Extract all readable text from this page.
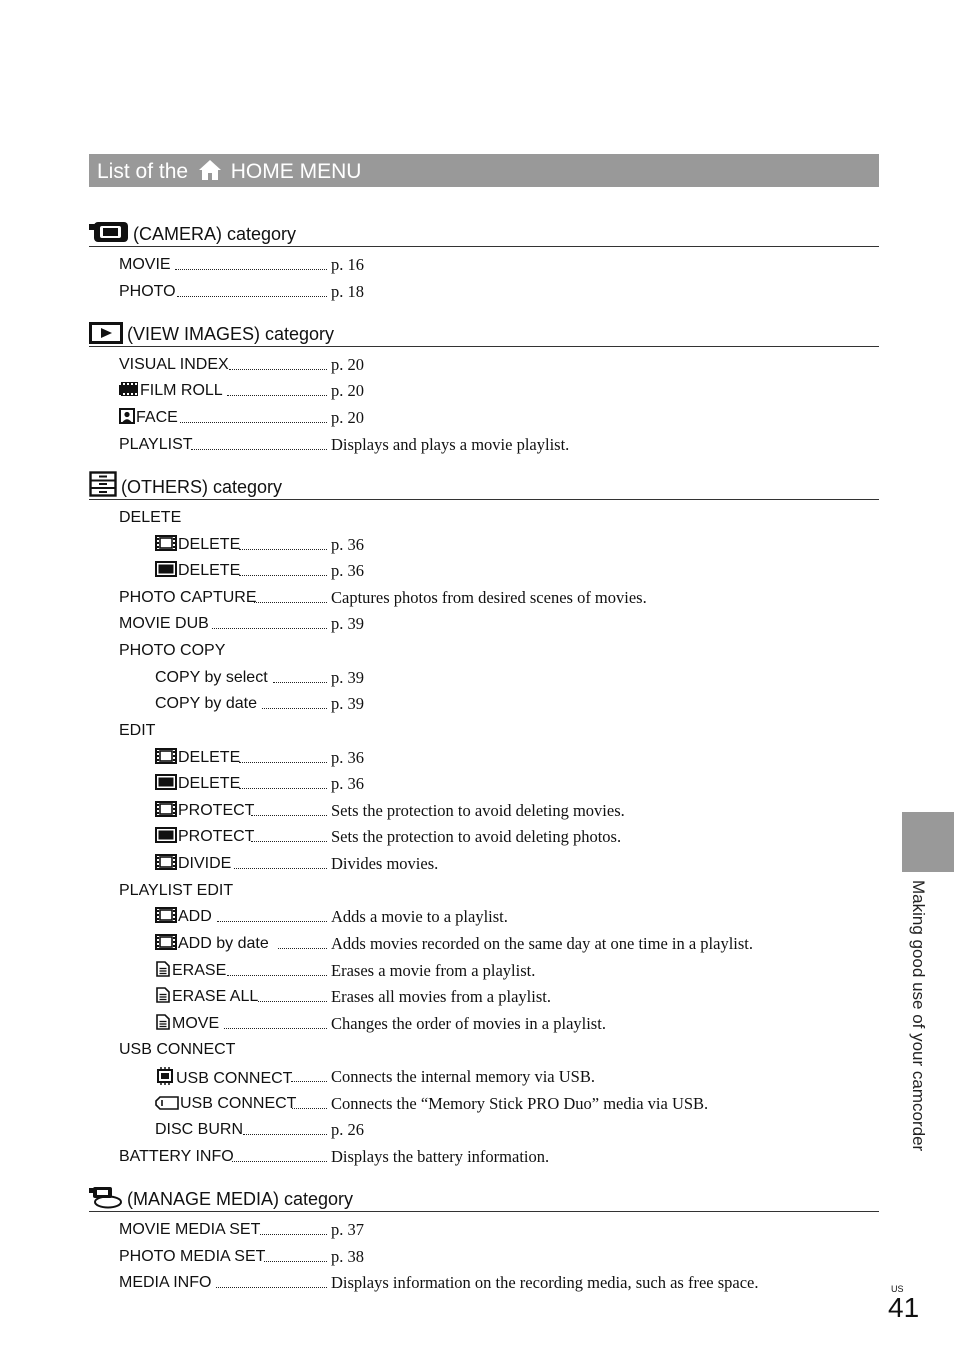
List of the HOME MENU
(CAMERA) category
MOVIE	p. 16
PHOTO	p. 18
(VIEW IMAGES) category
VISUAL INDEX	p. 20
FILM ROLL	p. 20
FACE	p. 20
PLAYLIST	Displays and plays a movie playlist.
(OTHERS) category
DELETE
DELETE	p. 36
DELETE	p. 36
PHOTO CAPTURE	Captures photos from desired scenes of movies.
MOVIE DUB	p. 39
PHOTO COPY
COPY by select	p. 39
COPY by date	p. 39
EDIT
DELETE	p. 36
DELETE	p. 36
PROTECT	Sets the protection to avoid deleting movies.
PROTECT	Sets the protection to avoid deleting photos.
DIVIDE	Divides movies.
PLAYLIST EDIT
ADD	Adds a movie to a playlist.
ADD by date	Adds movies recorded on the same day at one time in a playlist.
ERASE	Erases a movie from a playlist.
ERASE ALL	Erases all movies from a playlist.
MOVE	Changes the order of movies in a playlist.
USB CONNECT
USB CONNECT Connects the internal memory via USB.
USB CONNECT Connects the “Memory Stick PRO Duo” media via USB.
DISC BURN	p. 26
BATTERY INFO	Displays the battery information.
(MANAGE MEDIA) category
MOVIE MEDIA SET	p. 37
PHOTO MEDIA SET	p. 38
MEDIA INFO	Displays information on the recording media, such as free space.
Making good use of your camcorder
US
41
